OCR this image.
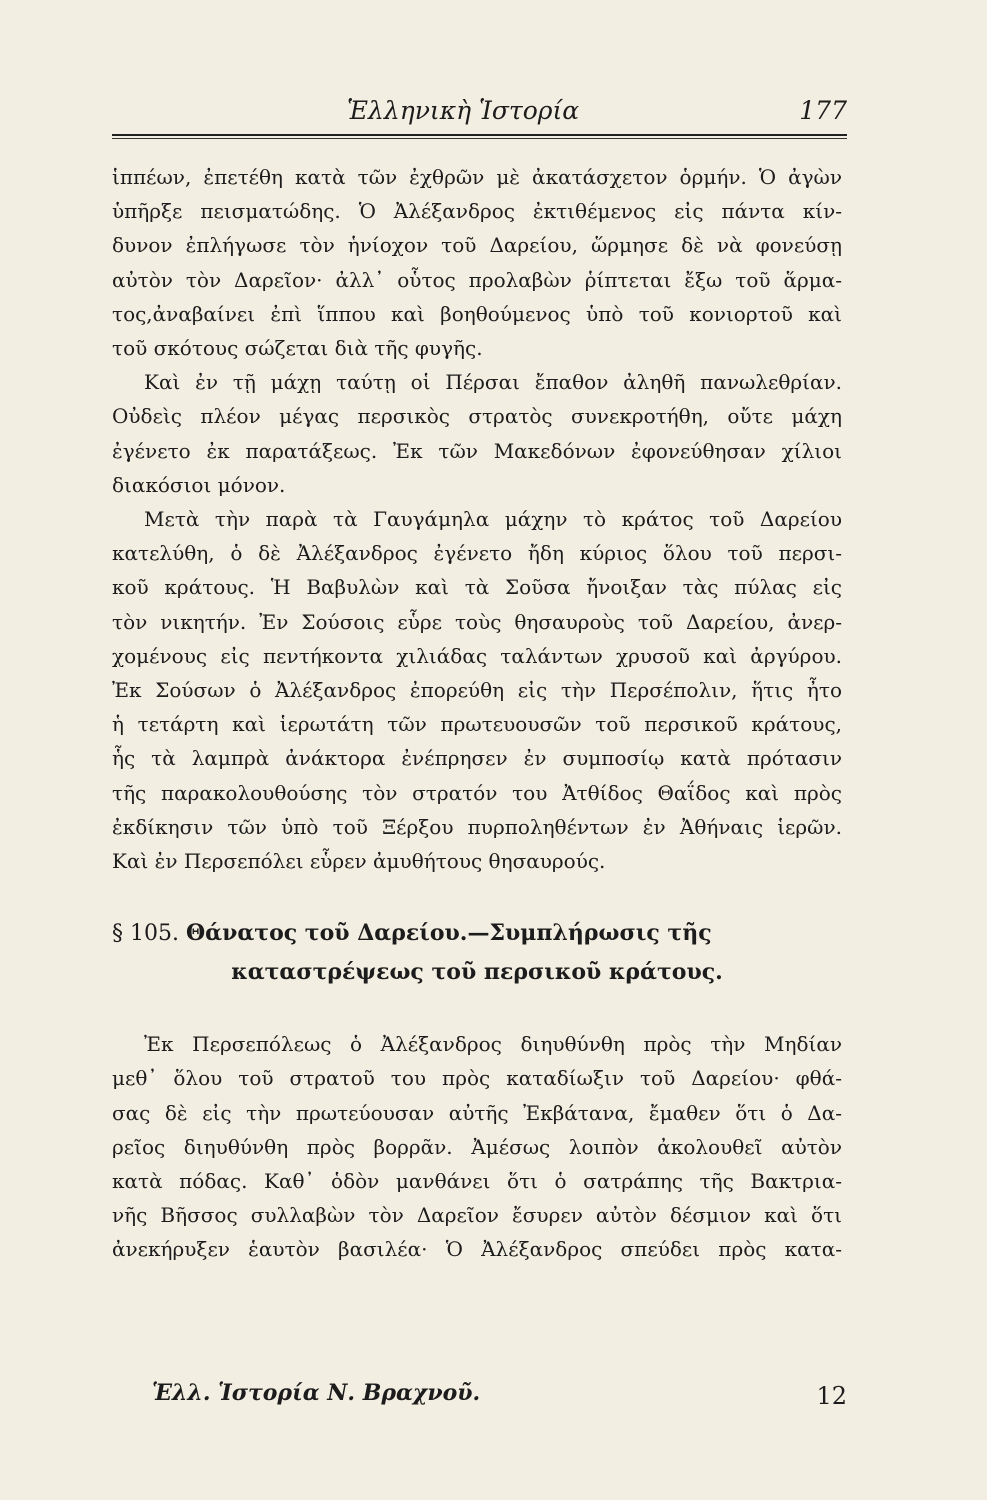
Ἑλληνικὴ Ἱστορία	177

ἱππέων, ἐπετέθη κατὰ τῶν ἐχθρῶν μὲ ἀκατάσχετον ὁρμήν. Ὁ ἀγὼν
ὑπῆρξε πεισματώδης. Ὁ Ἀλέξανδρος ἐκτιθέμενος εἰς πάντα κίν-
δυνον ἐπλήγωσε τὸν ἡνίοχον τοῦ Δαρείου, ὥρμησε δὲ νὰ φονεύσῃ
αὐτὸν τὸν Δαρεῖον· ἀλλ᾿ οὗτος προλαβὼν ῥίπτεται ἔξω τοῦ ἅρμα-
τος,ἀναβαίνει ἐπὶ ἵππου καὶ βοηθούμενος ὑπὸ τοῦ κονιορτοῦ καὶ
τοῦ σκότους σώζεται διὰ τῆς φυγῆς.

Καὶ ἐν τῇ μάχῃ ταύτῃ οἱ Πέρσαι ἔπαθον ἀληθῆ πανωλεθρίαν.
Οὐδεὶς πλέον μέγας περσικὸς στρατὸς συνεκροτήθη, οὔτε μάχη
ἐγένετο ἐκ παρατάξεως. Ἐκ τῶν Μακεδόνων ἐφονεύθησαν χίλιοι
διακόσιοι μόνον.

Μετὰ τὴν παρὰ τὰ Γαυγάμηλα μάχην τὸ κράτος τοῦ Δαρείου
κατελύθη, ὁ δὲ Ἀλέξανδρος ἐγένετο ἤδη κύριος ὅλου τοῦ περσι-
κοῦ κράτους. Ἡ Βαβυλὼν καὶ τὰ Σοῦσα ἤνοιξαν τὰς πύλας εἰς
τὸν νικητήν. Ἐν Σούσοις εὗρε τοὺς θησαυροὺς τοῦ Δαρείου, ἀνερ-
χομένους εἰς πεντήκοντα χιλιάδας ταλάντων χρυσοῦ καὶ ἀργύρου.
Ἐκ Σούσων ὁ Ἀλέξανδρος ἐπορεύθη εἰς τὴν Περσέπολιν, ἥτις ἦτο
ἡ τετάρτη καὶ ἱερωτάτη τῶν πρωτευουσῶν τοῦ περσικοῦ κράτους,
ἧς τὰ λαμπρὰ ἀνάκτορα ἐνέπρησεν ἐν συμποσίῳ κατὰ πρότασιν
τῆς παρακολουθούσης τὸν στρατόν του Ἀτθίδος Θαΐδος καὶ πρὸς
ἐκδίκησιν τῶν ὑπὸ τοῦ Ξέρξου πυρποληθέντων ἐν Ἀθήναις ἱερῶν.
Καὶ ἐν Περσεπόλει εὗρεν ἀμυθήτους θησαυρούς.

§ 105. Θάνατος τοῦ Δαρείου.—Συμπλήρωσις τῆς
καταστρέψεως τοῦ περσικοῦ κράτους.

Ἐκ Περσεπόλεως ὁ Ἀλέξανδρος διηυθύνθη πρὸς τὴν Μηδίαν
μεθ᾿ ὅλου τοῦ στρατοῦ του πρὸς καταδίωξιν τοῦ Δαρείου· φθά-
σας δὲ εἰς τὴν πρωτεύουσαν αὐτῆς Ἐκβάτανα, ἔμαθεν ὅτι ὁ Δα-
ρεῖος διηυθύνθη πρὸς βορρᾶν. Ἀμέσως λοιπὸν ἀκολουθεῖ αὐτὸν
κατὰ πόδας. Καθ᾿ ὁδὸν μανθάνει ὅτι ὁ σατράπης τῆς Βακτρια-
νῆς Βῆσσος συλλαβὼν τὸν Δαρεῖον ἔσυρεν αὐτὸν δέσμιον καὶ ὅτι
ἀνεκήρυξεν ἑαυτὸν βασιλέα· Ὁ Ἀλέξανδρος σπεύδει πρὸς κατα-

Ἑλλ. Ἱστορία Ν. Βραχνοῦ.	12
